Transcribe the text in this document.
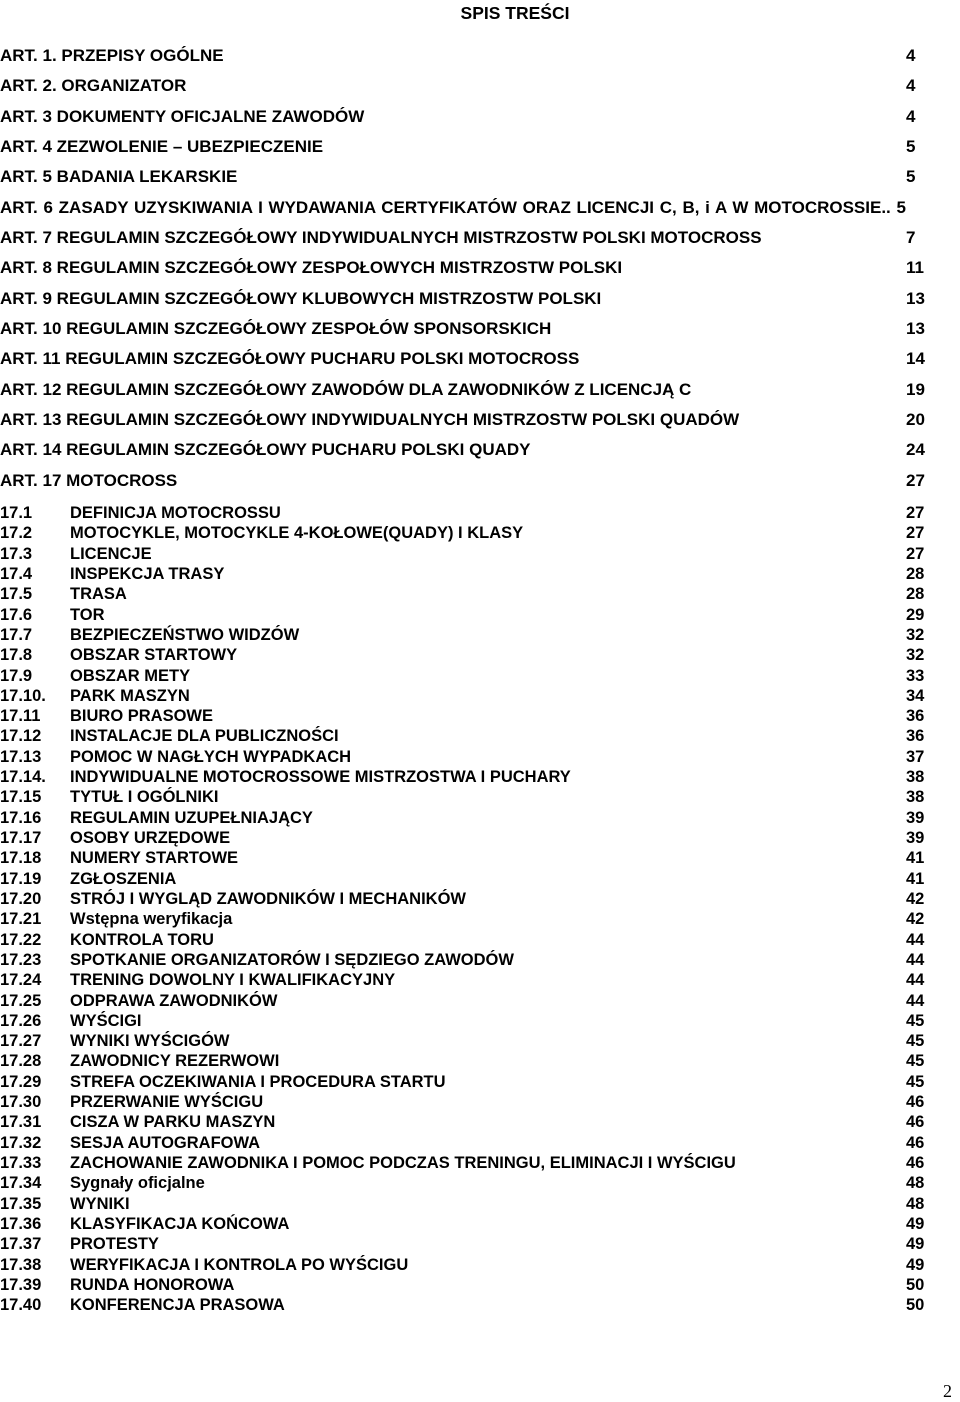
SPIS TREŚCI
ART. 1. PRZEPISY OGÓLNE	4
ART. 2. ORGANIZATOR	4
ART. 3 DOKUMENTY OFICJALNE ZAWODÓW	4
ART. 4 ZEZWOLENIE – UBEZPIECZENIE	5
ART. 5 BADANIA LEKARSKIE	5
ART. 6 ZASADY UZYSKIWANIA I WYDAWANIA CERTYFIKATÓW ORAZ LICENCJI C, B, i A W MOTOCROSSIE.. 5
ART. 7 REGULAMIN SZCZEGÓŁOWY INDYWIDUALNYCH MISTRZOSTW POLSKI MOTOCROSS	7
ART. 8 REGULAMIN SZCZEGÓŁOWY ZESPOŁOWYCH MISTRZOSTW POLSKI	11
ART. 9 REGULAMIN SZCZEGÓŁOWY KLUBOWYCH MISTRZOSTW POLSKI	13
ART. 10 REGULAMIN SZCZEGÓŁOWY ZESPOŁÓW SPONSORSKICH	13
ART. 11 REGULAMIN SZCZEGÓŁOWY PUCHARU POLSKI MOTOCROSS	14
ART. 12 REGULAMIN SZCZEGÓŁOWY ZAWODÓW DLA ZAWODNIKÓW Z LICENCJĄ C	19
ART. 13 REGULAMIN SZCZEGÓŁOWY INDYWIDUALNYCH MISTRZOSTW POLSKI QUADÓW	20
ART. 14 REGULAMIN SZCZEGÓŁOWY PUCHARU POLSKI QUADY	24
ART. 17 MOTOCROSS	27
17.1 DEFINICJA MOTOCROSSU	27
17.2 MOTOCYKLE, MOTOCYKLE 4-KOŁOWE(QUADY) I KLASY	27
17.3 LICENCJE	27
17.4 INSPEKCJA TRASY	28
17.5 TRASA	28
17.6 TOR	29
17.7 BEZPIECZEŃSTWO WIDZÓW	32
17.8 OBSZAR STARTOWY	32
17.9 OBSZAR METY	33
17.10. PARK MASZYN	34
17.11 BIURO PRASOWE	36
17.12 INSTALACJE DLA PUBLICZNOŚCI	36
17.13 POMOC W NAGŁYCH WYPADKACH	37
17.14. INDYWIDUALNE MOTOCROSSOWE MISTRZOSTWA I PUCHARY	38
17.15 TYTUŁ I OGÓLNIKI	38
17.16 REGULAMIN UZUPEŁNIAJĄCY	39
17.17 OSOBY URZĘDOWE	39
17.18 NUMERY STARTOWE	41
17.19 ZGŁOSZENIA	41
17.20 STRÓJ I WYGLĄD ZAWODNIKÓW I MECHANIKÓW	42
17.21 Wstępna weryfikacja	42
17.22 KONTROLA TORU	44
17.23 SPOTKANIE ORGANIZATORÓW I SĘDZIEGO ZAWODÓW	44
17.24 TRENING DOWOLNY I KWALIFIKACYJNY	44
17.25 ODPRAWA ZAWODNIKÓW	44
17.26 WYŚCIGI	45
17.27 WYNIKI WYŚCIGÓW	45
17.28 ZAWODNICY REZERWOWI	45
17.29 STREFA OCZEKIWANIA I PROCEDURA STARTU	45
17.30 PRZERWANIE WYŚCIGU	46
17.31 CISZA W PARKU MASZYN	46
17.32 SESJA AUTOGRAFOWA	46
17.33 ZACHOWANIE ZAWODNIKA I POMOC PODCZAS TRENINGU, ELIMINACJI I WYŚCIGU	46
17.34 Sygnały oficjalne	48
17.35 WYNIKI	48
17.36 KLASYFIKACJA KOŃCOWA	49
17.37 PROTESTY	49
17.38 WERYFIKACJA I KONTROLA PO WYŚCIGU	49
17.39 RUNDA HONOROWA	50
17.40 KONFERENCJA PRASOWA	50
2
